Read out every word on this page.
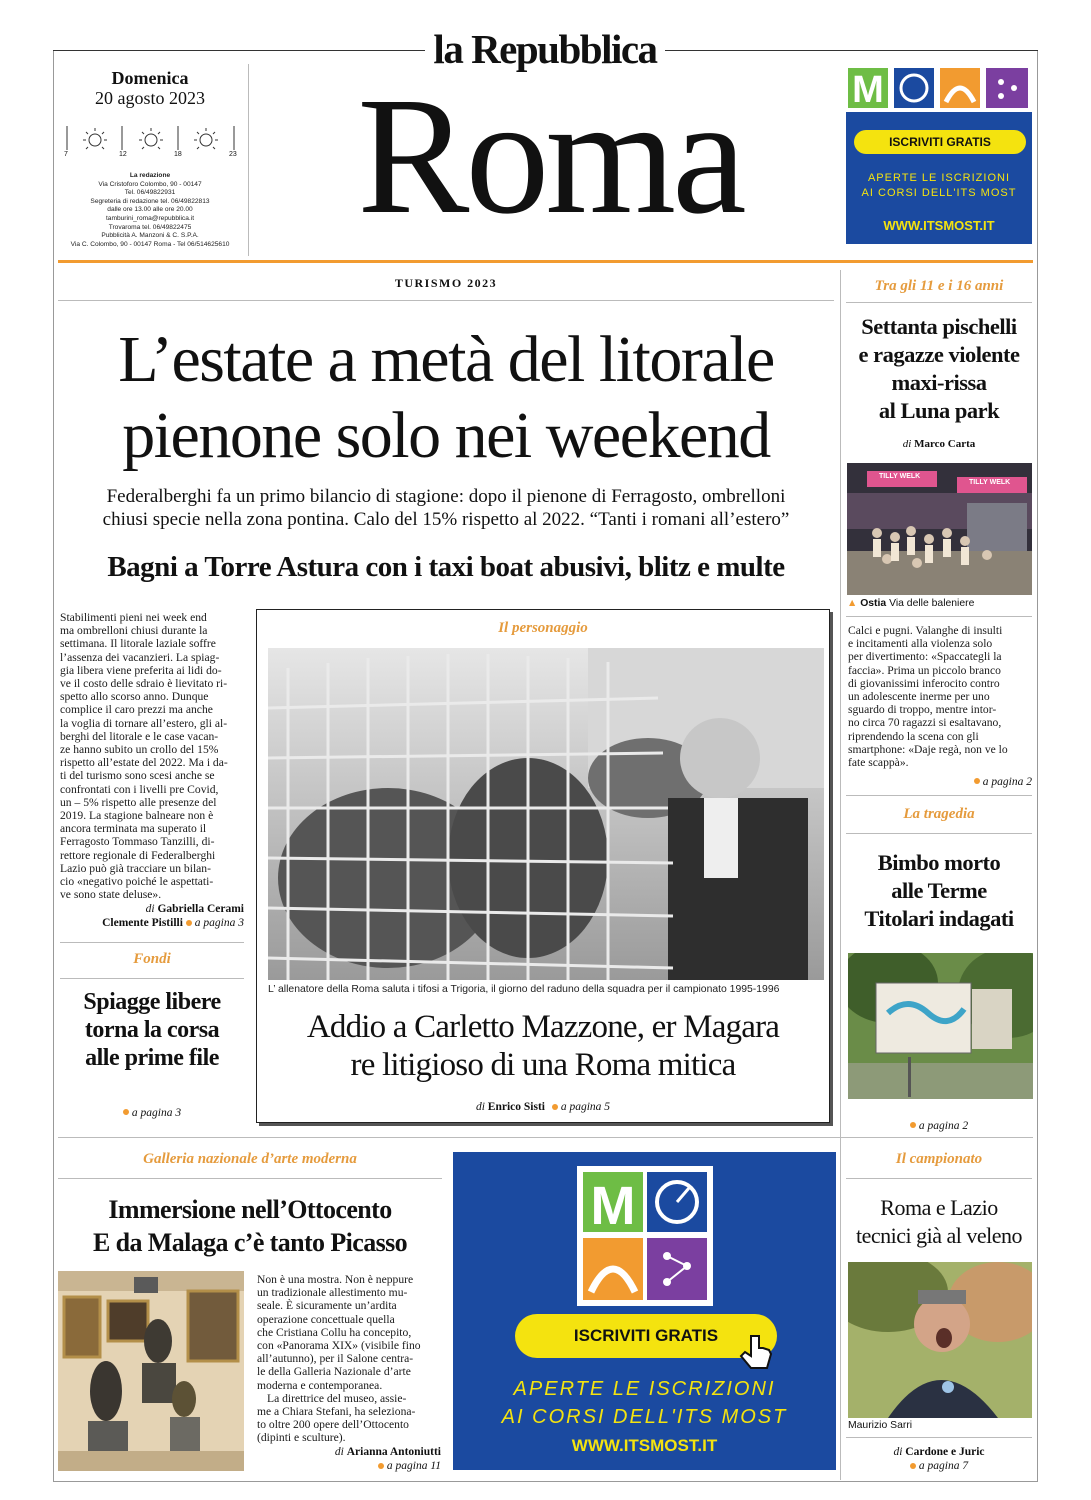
la Repubblica
Roma
Domenica
20 agosto 2023
7	12	18	23
La redazione
Via Cristoforo Colombo, 90 - 00147
Tel. 06/49822931
Segreteria di redazione tel. 06/49822813
dalle ore 13.00 alle ore 20.00
tamburini_roma@repubblica.it
Trovaroma tel. 06/49822475
Pubblicità A. Manzoni & C. S.P.A.
Via C. Colombo, 90 - 00147 Roma - Tel 06/514625610
M
ISCRIVITI GRATIS
APERTE LE ISCRIZIONI
AI CORSI DELL'ITS MOST
WWW.ITSMOST.IT
TURISMO 2023
L’estate a metà del litorale
pienone solo nei weekend
Federalberghi fa un primo bilancio di stagione: dopo il pienone di Ferragosto, ombrelloni
chiusi specie nella zona pontina. Calo del 15% rispetto al 2022. “Tanti i romani all’estero”
Bagni a Torre Astura con i taxi boat abusivi, blitz e multe
Stabilimenti pieni nei week end
ma ombrelloni chiusi durante la
settimana. Il litorale laziale soffre
l’assenza dei vacanzieri. La spiag-
gia libera viene preferita ai lidi do-
ve il costo delle sdraio è lievitato ri-
spetto allo scorso anno. Dunque
complice il caro prezzi ma anche
la voglia di tornare all’estero, gli al-
berghi del litorale e le case vacan-
ze hanno subito un crollo del 15%
rispetto all’estate del 2022. Ma i da-
ti del turismo sono scesi anche se
confrontati con i livelli pre Covid,
un – 5% rispetto alle presenze del
2019. La stagione balneare non è
ancora terminata ma superato il
Ferragosto Tommaso Tanzilli, di-
rettore regionale di Federalberghi
Lazio può già tracciare un bilan-
cio «negativo poiché le aspettati-
ve sono state deluse».
di Gabriella Cerami
Clemente Pistilli a pagina 3
Fondi
Spiagge libere
torna la corsa
alle prime file
a pagina 3
Il personaggio
L’ allenatore della Roma saluta i tifosi a Trigoria, il giorno del raduno della squadra per il campionato 1995-1996
Addio a Carletto Mazzone, er Magara
re litigioso di una Roma mitica
di Enrico Sisti a pagina 5
Tra gli 11 e i 16 anni
Settanta pischelli
e ragazze violente
maxi-rissa
al Luna park
di Marco Carta
TILLY WELK
TILLY WELK
▲ Ostia Via delle baleniere
Calci e pugni. Valanghe di insulti
e incitamenti alla violenza solo
per divertimento: «Spaccategli la
faccia». Prima un piccolo branco
di giovanissimi inferocito contro
un adolescente inerme per uno
sguardo di troppo, mentre intor-
no circa 70 ragazzi si esaltavano,
riprendendo la scena con gli
smartphone: «Daje regà, non ve lo
fate scappà».
a pagina 2
La tragedia
Bimbo morto
alle Terme
Titolari indagati
a pagina 2
Galleria nazionale d’arte moderna
Immersione nell’Ottocento
E da Malaga c’è tanto Picasso
Non è una mostra. Non è neppure
un tradizionale allestimento mu-
seale. È sicuramente un’ardita
operazione concettuale quella
che Cristiana Collu ha concepito,
con «Panorama XIX» (visibile fino
all’autunno), per il Salone centra-
le della Galleria Nazionale d’arte
moderna e contemporanea.
La direttrice del museo, assie-
me a Chiara Stefani, ha seleziona-
to oltre 200 opere dell’Ottocento
(dipinti e sculture).
di Arianna Antoniutti
a pagina 11
M
ISCRIVITI GRATIS
APERTE LE ISCRIZIONI
AI CORSI DELL'ITS MOST
WWW.ITSMOST.IT
Il campionato
Roma e Lazio
tecnici già al veleno
Maurizio Sarri
di Cardone e Juric
a pagina 7
